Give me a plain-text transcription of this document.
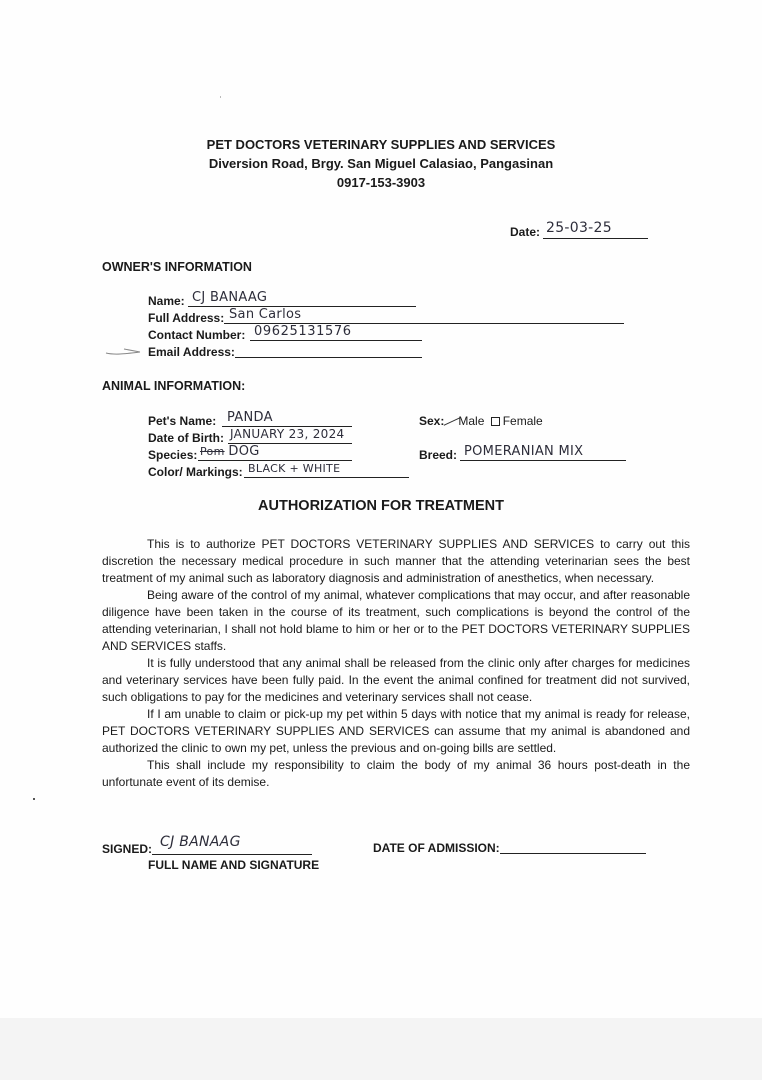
PET DOCTORS VETERINARY SUPPLIES AND SERVICES
Diversion Road, Brgy. San Miguel Calasiao, Pangasinan
0917-153-3903
Date: 25-03-25
OWNER'S INFORMATION
Name: CJ BANAAG
Full Address: San Carlos
Contact Number: 09625131576
Email Address:
ANIMAL INFORMATION:
Pet's Name: PANDA
Date of Birth: JANUARY 23, 2024
Species: Pom DOG
Color/ Markings: BLACK + WHITE
Sex: Male Female
Breed: POMERANIAN MIX
AUTHORIZATION FOR TREATMENT

This is to authorize PET DOCTORS VETERINARY SUPPLIES AND SERVICES to carry out this discretion the necessary medical procedure in such manner that the attending veterinarian sees the best treatment of my animal such as laboratory diagnosis and administration of anesthetics, when necessary.

Being aware of the control of my animal, whatever complications that may occur, and after reasonable diligence have been taken in the course of its treatment, such complications is beyond the control of the attending veterinarian, I shall not hold blame to him or her or to the PET DOCTORS VETERINARY SUPPLIES AND SERVICES staffs.

It is fully understood that any animal shall be released from the clinic only after charges for medicines and veterinary services have been fully paid. In the event the animal confined for treatment did not survived, such obligations to pay for the medicines and veterinary services shall not cease.

If I am unable to claim or pick-up my pet within 5 days with notice that my animal is ready for release, PET DOCTORS VETERINARY SUPPLIES AND SERVICES can assume that my animal is abandoned and authorized the clinic to own my pet, unless the previous and on-going bills are settled.

This shall include my responsibility to claim the body of my animal 36 hours post-death in the unfortunate event of its demise.

SIGNED: CJ BANAAG
FULL NAME AND SIGNATURE
DATE OF ADMISSION:
